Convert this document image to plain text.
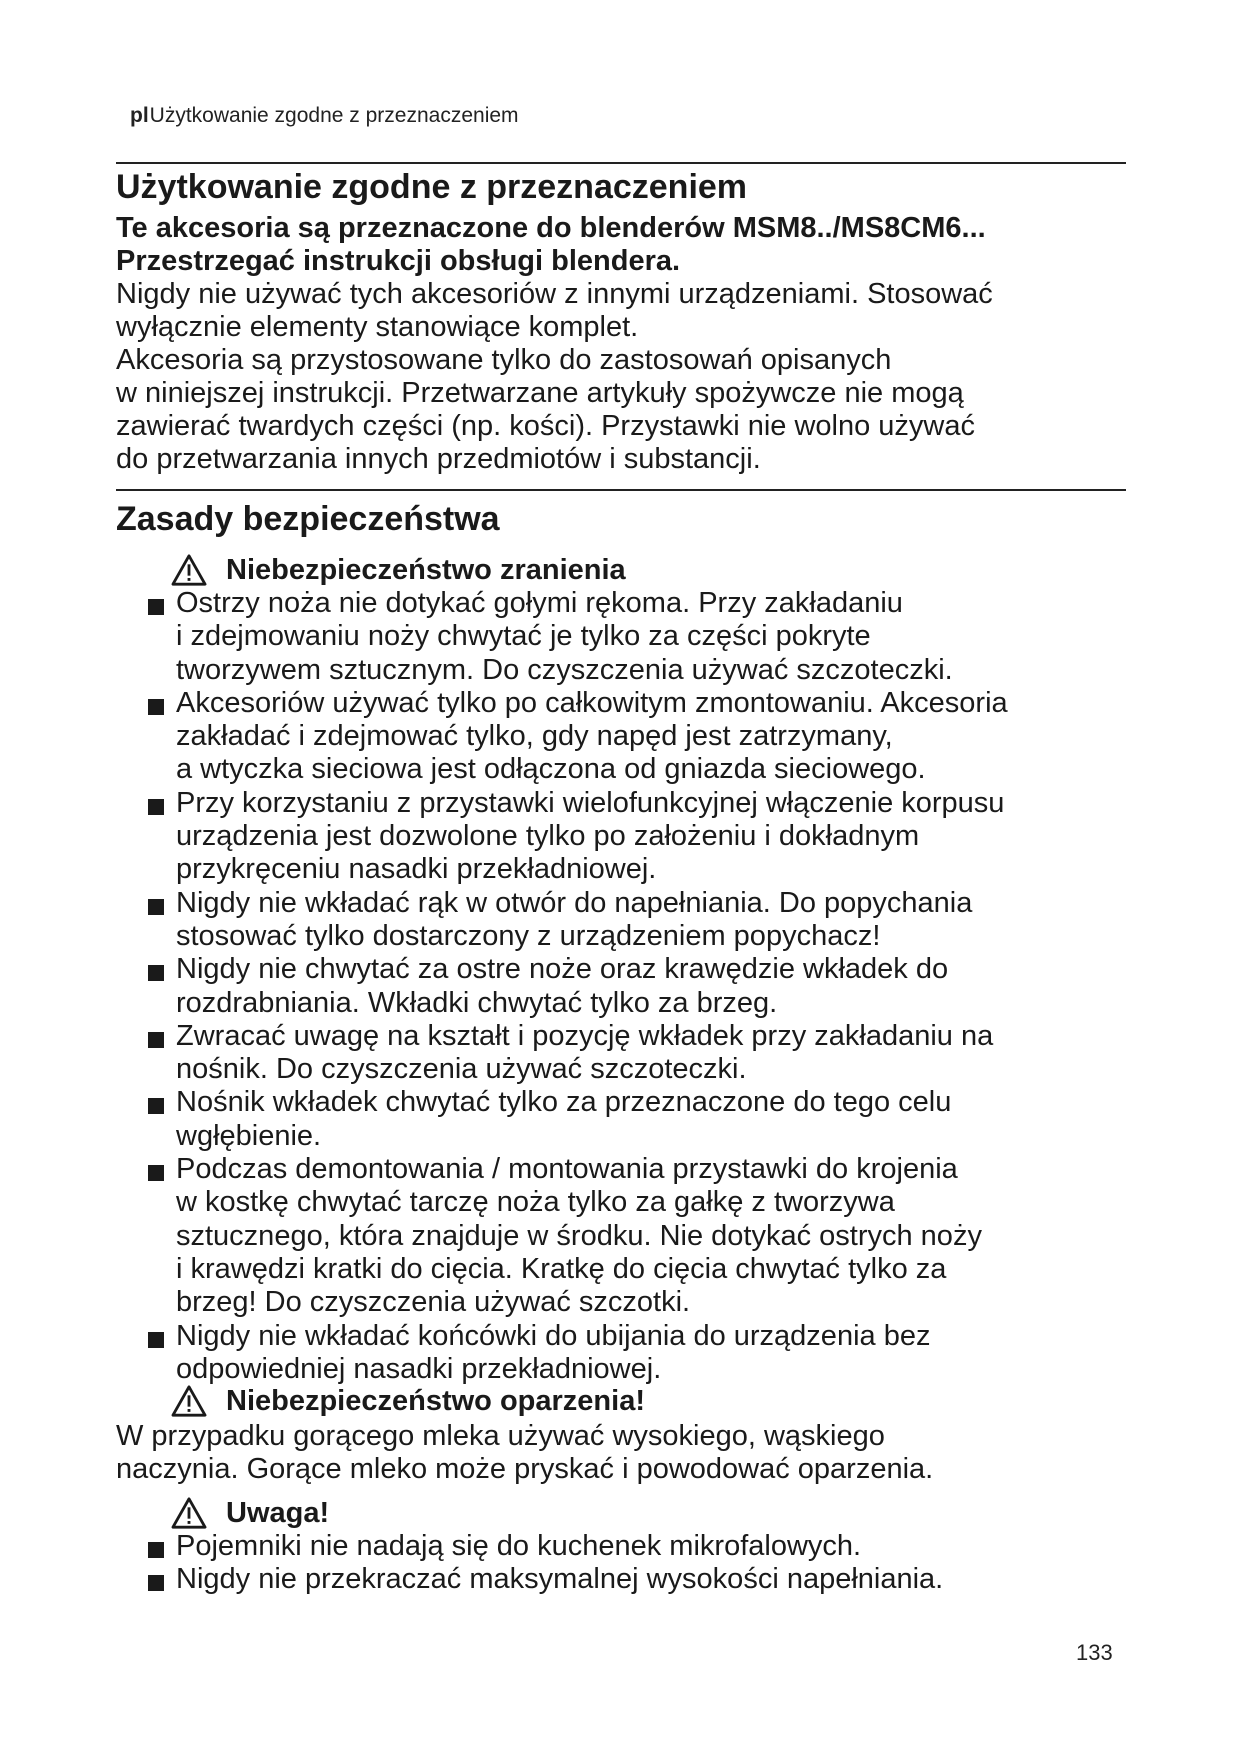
plUżytkowanie zgodne z przeznaczeniem
Użytkowanie zgodne z przeznaczeniem
Te akcesoria są przeznaczone do blenderów MSM8../MS8CM6...
Przestrzegać instrukcji obsługi blendera.
Nigdy nie używać tych akcesoriów z innymi urządzeniami. Stosować
wyłącznie elementy stanowiące komplet.
Akcesoria są przystosowane tylko do zastosowań opisanych
w niniejszej instrukcji. Przetwarzane artykuły spożywcze nie mogą
zawierać twardych części (np. kości). Przystawki nie wolno używać
do przetwarzania innych przedmiotów i substancji.
Zasady bezpieczeństwa
Niebezpieczeństwo zranienia
Ostrzy noża nie dotykać gołymi rękoma. Przy zakładaniu
i zdejmowaniu noży chwytać je tylko za części pokryte
tworzywem sztucznym. Do czyszczenia używać szczoteczki.
Akcesoriów używać tylko po całkowitym zmontowaniu. Akcesoria
zakładać i zdejmować tylko, gdy napęd jest zatrzymany,
a wtyczka sieciowa jest odłączona od gniazda sieciowego.
Przy korzystaniu z przystawki wielofunkcyjnej włączenie korpusu
urządzenia jest dozwolone tylko po założeniu i dokładnym
przykręceniu nasadki przekładniowej.
Nigdy nie wkładać rąk w otwór do napełniania. Do popychania
stosować tylko dostarczony z urządzeniem popychacz!
Nigdy nie chwytać za ostre noże oraz krawędzie wkładek do
rozdrabniania. Wkładki chwytać tylko za brzeg.
Zwracać uwagę na kształt i pozycję wkładek przy zakładaniu na
nośnik. Do czyszczenia używać szczoteczki.
Nośnik wkładek chwytać tylko za przeznaczone do tego celu
wgłębienie.
Podczas demontowania / montowania przystawki do krojenia
w kostkę chwytać tarczę noża tylko za gałkę z tworzywa
sztucznego, która znajduje w środku. Nie dotykać ostrych noży
i krawędzi kratki do cięcia. Kratkę do cięcia chwytać tylko za
brzeg! Do czyszczenia używać szczotki.
Nigdy nie wkładać końcówki do ubijania do urządzenia bez
odpowiedniej nasadki przekładniowej.
Niebezpieczeństwo oparzenia!
W przypadku gorącego mleka używać wysokiego, wąskiego
naczynia. Gorące mleko może pryskać i powodować oparzenia.
Uwaga!
Pojemniki nie nadają się do kuchenek mikrofalowych.
Nigdy nie przekraczać maksymalnej wysokości napełniania.
133
